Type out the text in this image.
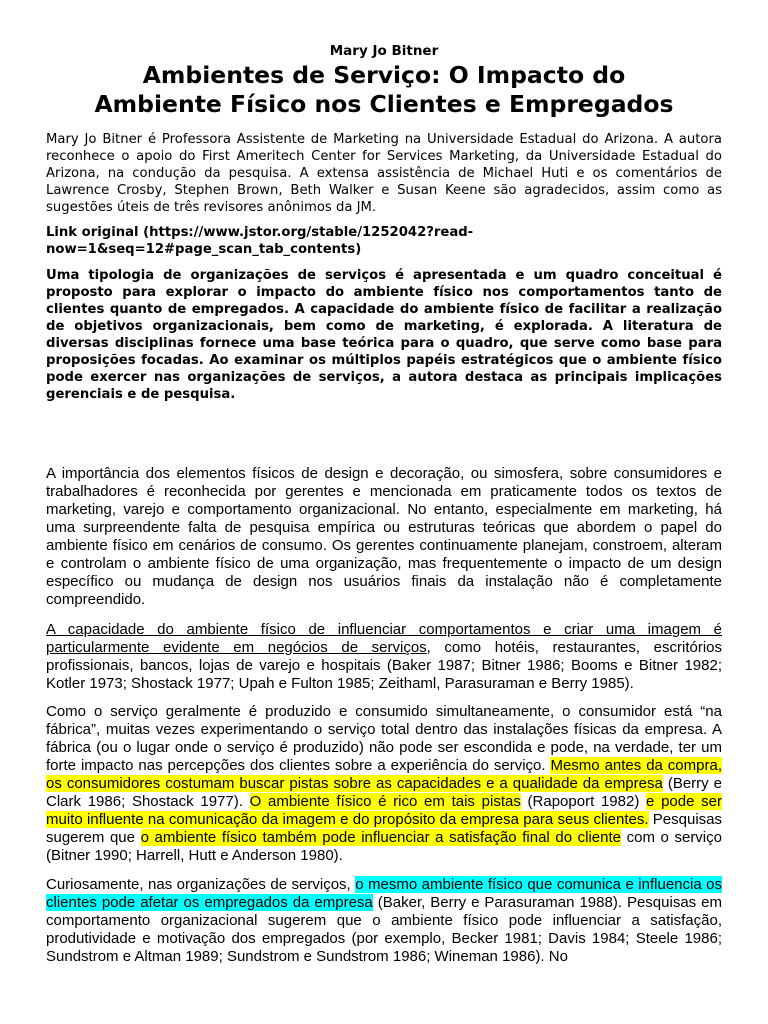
Mary Jo Bitner
Ambientes de Serviço: O Impacto do
Ambiente Físico nos Clientes e Empregados

Mary Jo Bitner é Professora Assistente de Marketing na Universidade Estadual do Arizona. A autora reconhece o apoio do First Ameritech Center for Services Marketing, da Universidade Estadual do Arizona, na condução da pesquisa. A extensa assistência de Michael Huti e os comentários de Lawrence Crosby, Stephen Brown, Beth Walker e Susan Keene são agradecidos, assim como as sugestões úteis de três revisores anônimos da JM.

Link original (https://www.jstor.org/stable/1252042?read-
now=1&seq=12#page_scan_tab_contents)

Uma tipologia de organizações de serviços é apresentada e um quadro conceitual é proposto para explorar o impacto do ambiente físico nos comportamentos tanto de clientes quanto de empregados. A capacidade do ambiente físico de facilitar a realização de objetivos organizacionais, bem como de marketing, é explorada. A literatura de diversas disciplinas fornece uma base teórica para o quadro, que serve como base para proposições focadas. Ao examinar os múltiplos papéis estratégicos que o ambiente físico pode exercer nas organizações de serviços, a autora destaca as principais implicações gerenciais e de pesquisa.

A importância dos elementos físicos de design e decoração, ou simosfera, sobre consumidores e trabalhadores é reconhecida por gerentes e mencionada em praticamente todos os textos de marketing, varejo e comportamento organizacional. No entanto, especialmente em marketing, há uma surpreendente falta de pesquisa empírica ou estruturas teóricas que abordem o papel do ambiente físico em cenários de consumo. Os gerentes continuamente planejam, constroem, alteram e controlam o ambiente físico de uma organização, mas frequentemente o impacto de um design específico ou mudança de design nos usuários finais da instalação não é completamente compreendido.

A capacidade do ambiente físico de influenciar comportamentos e criar uma imagem é particularmente evidente em negócios de serviços, como hotéis, restaurantes, escritórios profissionais, bancos, lojas de varejo e hospitais (Baker 1987; Bitner 1986; Booms e Bitner 1982; Kotler 1973; Shostack 1977; Upah e Fulton 1985; Zeithaml, Parasuraman e Berry 1985).

Como o serviço geralmente é produzido e consumido simultaneamente, o consumidor está “na fábrica”, muitas vezes experimentando o serviço total dentro das instalações físicas da empresa. A fábrica (ou o lugar onde o serviço é produzido) não pode ser escondida e pode, na verdade, ter um forte impacto nas percepções dos clientes sobre a experiência do serviço. Mesmo antes da compra, os consumidores costumam buscar pistas sobre as capacidades e a qualidade da empresa (Berry e Clark 1986; Shostack 1977). O ambiente físico é rico em tais pistas (Rapoport 1982) e pode ser muito influente na comunicação da imagem e do propósito da empresa para seus clientes. Pesquisas sugerem que o ambiente físico também pode influenciar a satisfação final do cliente com o serviço (Bitner 1990; Harrell, Hutt e Anderson 1980).

Curiosamente, nas organizações de serviços, o mesmo ambiente físico que comunica e influencia os clientes pode afetar os empregados da empresa (Baker, Berry e Parasuraman 1988). Pesquisas em comportamento organizacional sugerem que o ambiente físico pode influenciar a satisfação, produtividade e motivação dos empregados (por exemplo, Becker 1981; Davis 1984; Steele 1986; Sundstrom e Altman 1989; Sundstrom e Sundstrom 1986; Wineman 1986). No
